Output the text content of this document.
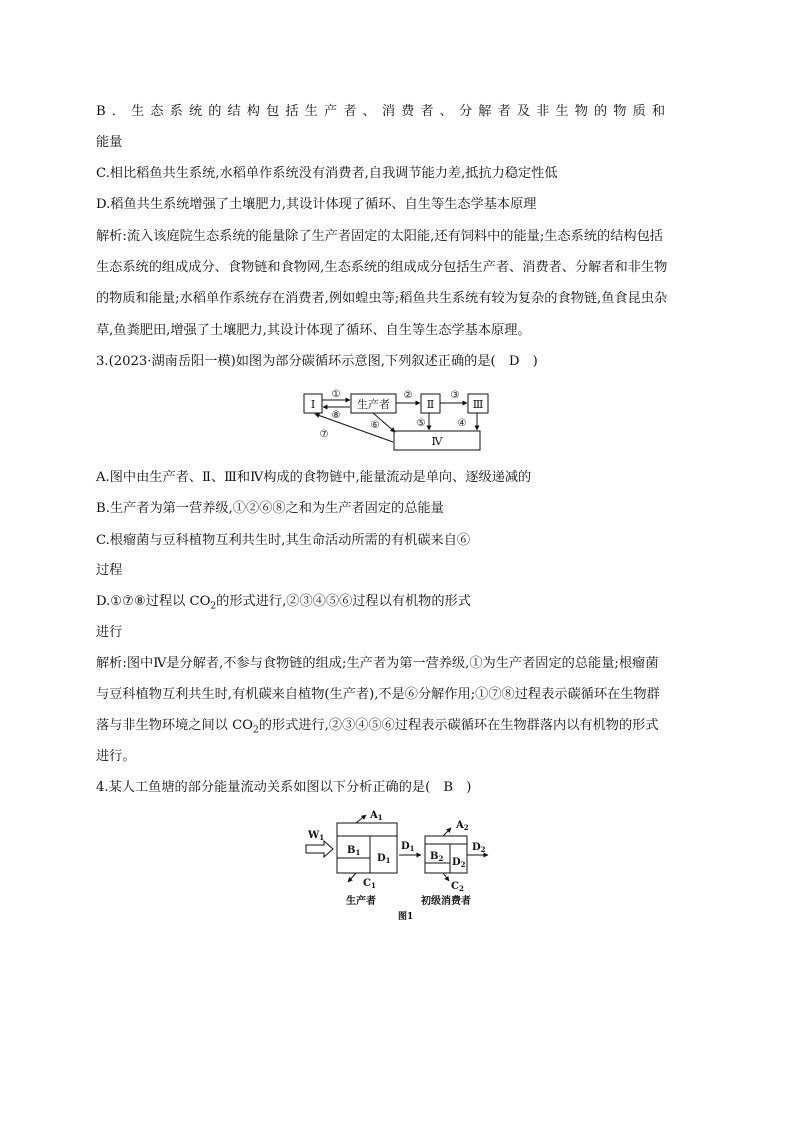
B．生态系统的结构包括生产者、消费者、分解者及非生物的物质和
能量
C.相比稻鱼共生系统,水稻单作系统没有消费者,自我调节能力差,抵抗力稳定性低
D.稻鱼共生系统增强了土壤肥力,其设计体现了循环、自生等生态学基本原理
解析:流入该庭院生态系统的能量除了生产者固定的太阳能,还有饲料中的能量;生态系统的结构包括
生态系统的组成成分、食物链和食物网,生态系统的组成成分包括生产者、消费者、分解者和非生物
的物质和能量;水稻单作系统存在消费者,例如蝗虫等;稻鱼共生系统有较为复杂的食物链,鱼食昆虫杂
草,鱼粪肥田,增强了土壤肥力,其设计体现了循环、自生等生态学基本原理。
3.(2023·湖南岳阳一模)如图为部分碳循环示意图,下列叙述正确的是(　D　)
Ⅰ	生产者	Ⅱ	Ⅲ
Ⅳ
①
⑧
②	③
④
⑤
⑥
⑦
A.图中由生产者、Ⅱ、Ⅲ和Ⅳ构成的食物链中,能量流动是单向、逐级递减的
B.生产者为第一营养级,①②⑥⑧之和为生产者固定的总能量
C.根瘤菌与豆科植物互利共生时,其生命活动所需的有机碳来自⑥
过程
D.①⑦⑧过程以 $CO_2$的形式进行,②③④⑤⑥过程以有机物的形式
进行
解析:图中Ⅳ是分解者,不参与食物链的组成;生产者为第一营养级,①为生产者固定的总能量;根瘤菌
与豆科植物互利共生时,有机碳来自植物(生产者),不是⑥分解作用;①⑦⑧过程表示碳循环在生物群
落与非生物环境之间以 $CO_2$的形式进行,②③④⑤⑥过程表示碳循环在生物群落内以有机物的形式
进行。
4.某人工鱼塘的部分能量流动关系如图以下分析正确的是(　B　)
$W_1$
$B_1$
$D_1$
$A_1$
$C_1$
生产者
$D_1$
$B_2$ $D_2$
$A_2$
$C_2$
$D_2$
初级消费者
图1
